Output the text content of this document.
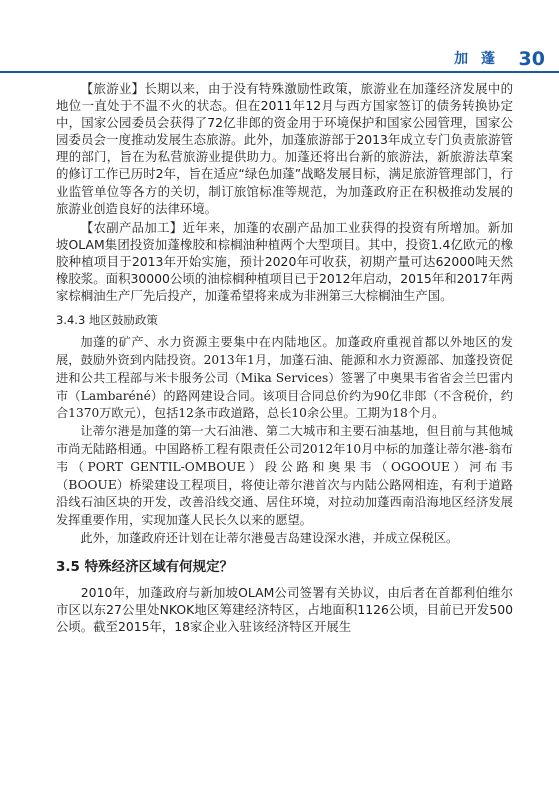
加 蓬 30

【旅游业】长期以来，由于没有特殊激励性政策，旅游业在加蓬经济发展中的地位一直处于不温不火的状态。但在2011年12月与西方国家签订的债务转换协定中，国家公园委员会获得了72亿非郎的资金用于环境保护和国家公园管理，国家公园委员会一度推动发展生态旅游。此外，加蓬旅游部于2013年成立专门负责旅游管理的部门，旨在为私营旅游业提供助力。加蓬还将出台新的旅游法，新旅游法草案的修订工作已历时2年，旨在适应“绿色加蓬”战略发展目标，满足旅游管理部门，行业监管单位等各方的关切，制订旅馆标准等规范，为加蓬政府正在积极推动发展的旅游业创造良好的法律环境。

【农副产品加工】近年来，加蓬的农副产品加工业获得的投资有所增加。新加坡OLAM集团投资加蓬橡胶和棕榈油种植两个大型项目。其中，投资1.4亿欧元的橡胶种植项目于2013年开始实施，预计2020年可收获，初期产量可达62000吨天然橡胶浆。面积30000公顷的油棕榈种植项目已于2012年启动，2015年和2017年两家棕榈油生产厂先后投产，加蓬希望将来成为非洲第三大棕榈油生产国。

3.4.3 地区鼓励政策

加蓬的矿产、水力资源主要集中在内陆地区。加蓬政府重视首都以外地区的发展，鼓励外资到内陆投资。2013年1月，加蓬石油、能源和水力资源部、加蓬投资促进和公共工程部与米卡服务公司（Mika Services）签署了中奥果韦省省会兰巴雷内市（Lambaréné）的路网建设合同。该项目合同总价约为90亿非郎（不含税价，约合1370万欧元），包括12条市政道路，总长10余公里。工期为18个月。

让蒂尔港是加蓬的第一大石油港、第二大城市和主要石油基地，但目前与其他城市尚无陆路相通。中国路桥工程有限责任公司2012年10月中标的加蓬让蒂尔港-翁布韦（PORT GENTIL-OMBOUE）段公路和奥果韦（OGOOUE）河布韦（BOOUE）桥梁建设工程项目，将使让蒂尔港首次与内陆公路网相连，有利于道路沿线石油区块的开发，改善沿线交通、居住环境，对拉动加蓬西南沿海地区经济发展发挥重要作用，实现加蓬人民长久以来的愿望。

此外，加蓬政府还计划在让蒂尔港曼吉岛建设深水港，并成立保税区。

3.5 特殊经济区域有何规定？

2010年，加蓬政府与新加坡OLAM公司签署有关协议，由后者在首都利伯维尔市区以东27公里处NKOK地区筹建经济特区，占地面积1126公顷，目前已开发500公顷。截至2015年，18家企业入驻该经济特区开展生
